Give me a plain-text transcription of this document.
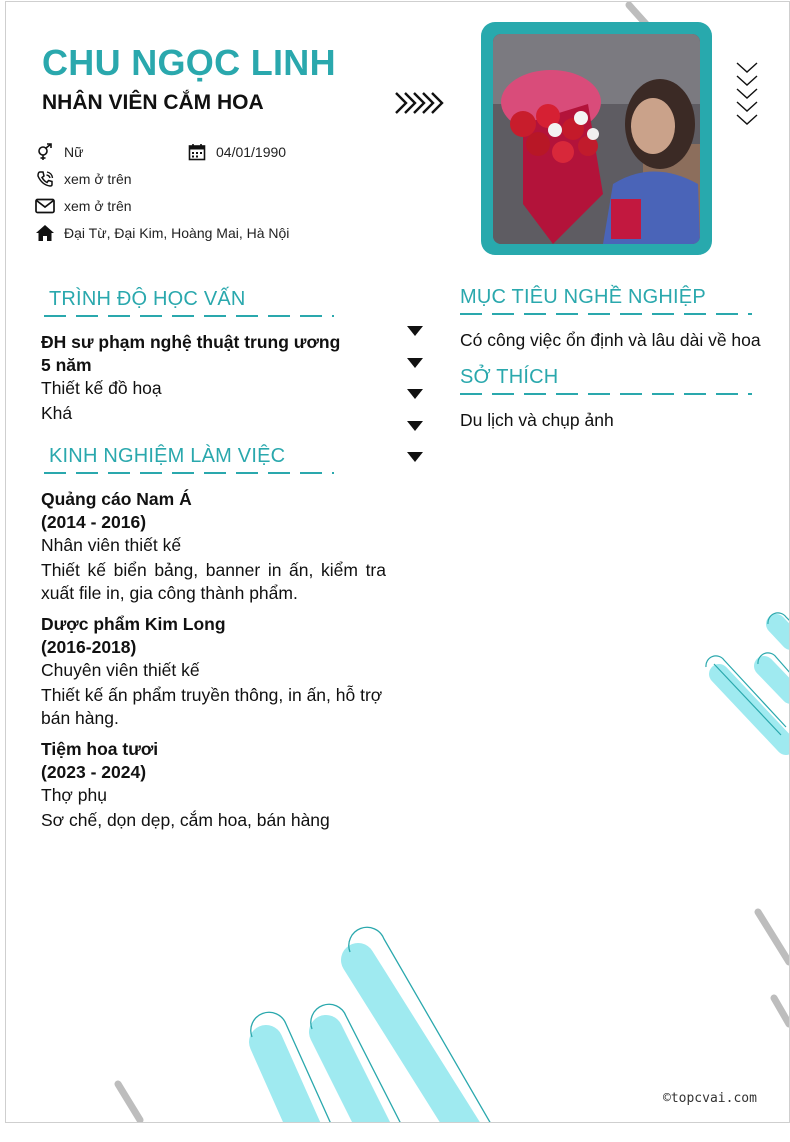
CHU NGỌC LINH
NHÂN VIÊN CẮM HOA
Nữ	04/01/1990
xem ở trên
xem ở trên
Đại Từ, Đại Kim, Hoàng Mai, Hà Nội
TRÌNH ĐỘ HỌC VẤN
ĐH sư phạm nghệ thuật trung ương
5 năm
Thiết kế đồ hoạ
Khá
KINH NGHIỆM LÀM VIỆC
Quảng cáo Nam Á
(2014 - 2016)
Nhân viên thiết kế
Thiết kế biển bảng, banner in ấn, kiểm tra xuất file in, gia công thành phẩm.
Dược phẩm Kim Long
(2016-2018)
Chuyên viên thiết kế
Thiết kế ấn phẩm truyền thông, in ấn, hỗ trợ bán hàng.
Tiệm hoa tươi
(2023 - 2024)
Thợ phụ
Sơ chế, dọn dẹp, cắm hoa, bán hàng
MỤC TIÊU NGHỀ NGHIỆP
Có công việc ổn định và lâu dài về hoa
SỞ THÍCH
Du lịch và chụp ảnh
©topcvai.com
